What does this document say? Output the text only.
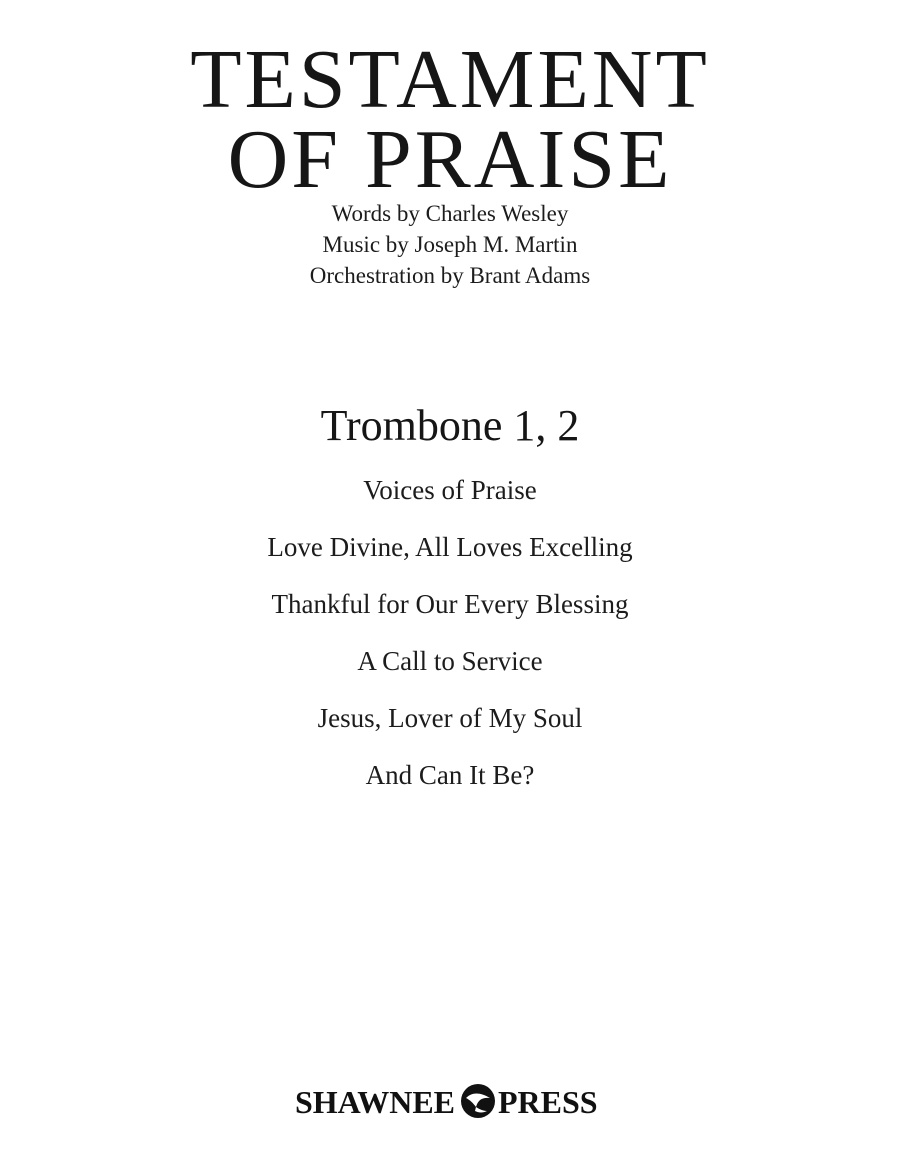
TESTAMENT
OF PRAISE
Words by Charles Wesley
Music by Joseph M. Martin
Orchestration by Brant Adams
Trombone 1, 2
Voices of Praise
Love Divine, All Loves Excelling
Thankful for Our Every Blessing
A Call to Service
Jesus, Lover of My Soul
And Can It Be?
SHAWNEE PRESS
